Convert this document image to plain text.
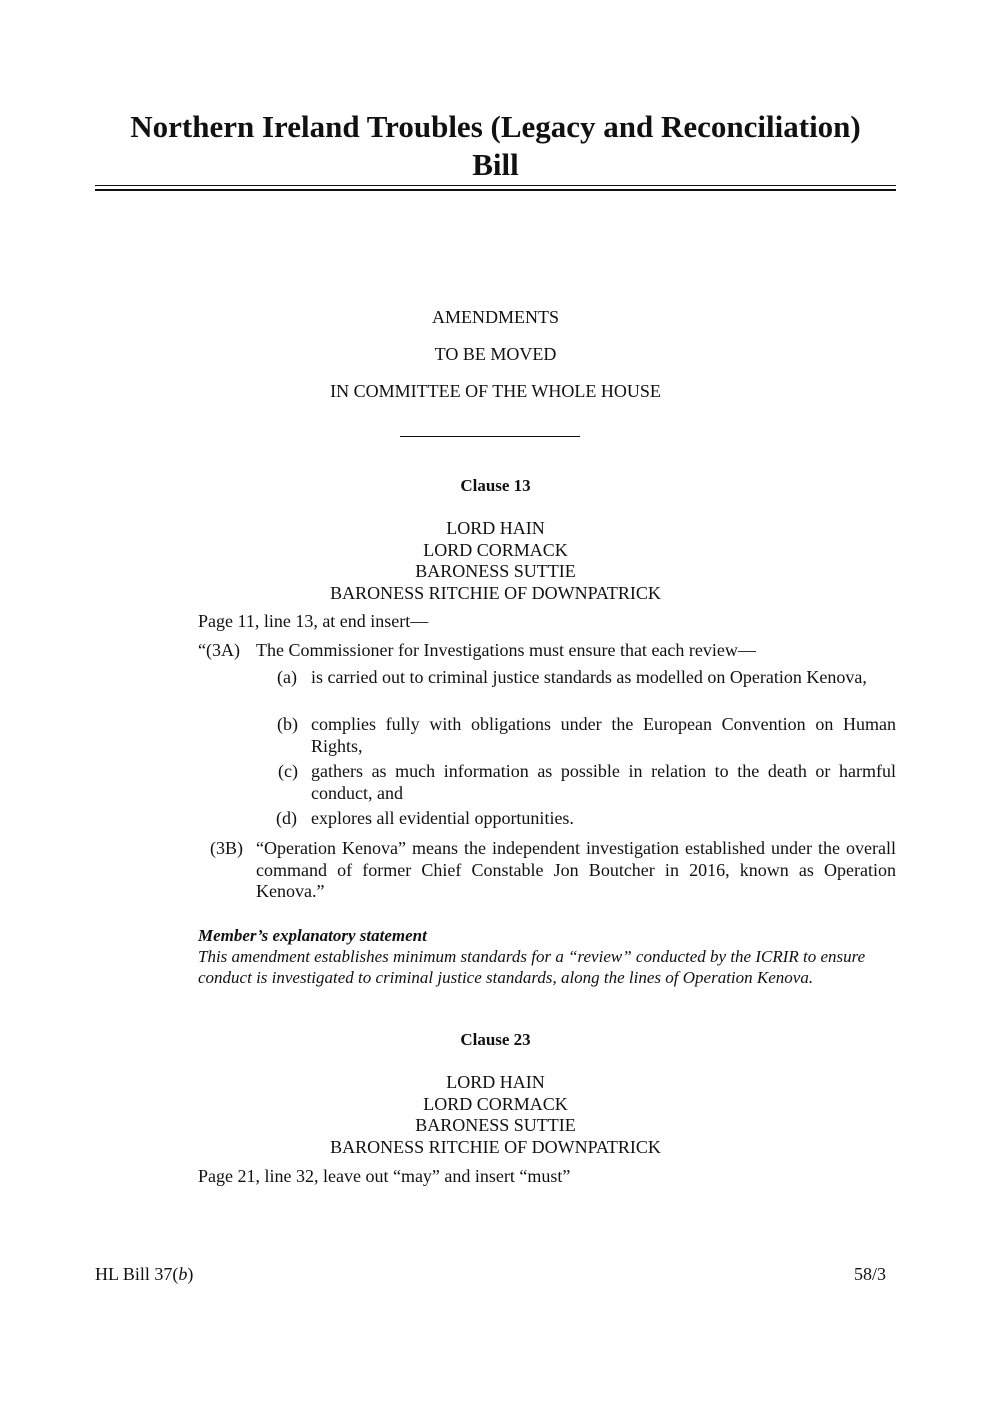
Northern Ireland Troubles (Legacy and Reconciliation)
Bill
AMENDMENTS
TO BE MOVED
IN COMMITTEE OF THE WHOLE HOUSE
Clause 13
LORD HAIN
LORD CORMACK
BARONESS SUTTIE
BARONESS RITCHIE OF DOWNPATRICK
Page 11, line 13, at end insert—
“(3A) The Commissioner for Investigations must ensure that each review—
(a) is carried out to criminal justice standards as modelled on Operation Kenova,
(b) complies fully with obligations under the European Convention on Human Rights,
(c) gathers as much information as possible in relation to the death or harmful conduct, and
(d) explores all evidential opportunities.
(3B) “Operation Kenova” means the independent investigation established under the overall command of former Chief Constable Jon Boutcher in 2016, known as Operation Kenova.”
Member’s explanatory statement
This amendment establishes minimum standards for a “review” conducted by the ICRIR to ensure conduct is investigated to criminal justice standards, along the lines of Operation Kenova.
Clause 23
LORD HAIN
LORD CORMACK
BARONESS SUTTIE
BARONESS RITCHIE OF DOWNPATRICK
Page 21, line 32, leave out “may” and insert “must”
HL Bill 37(b)	58/3
